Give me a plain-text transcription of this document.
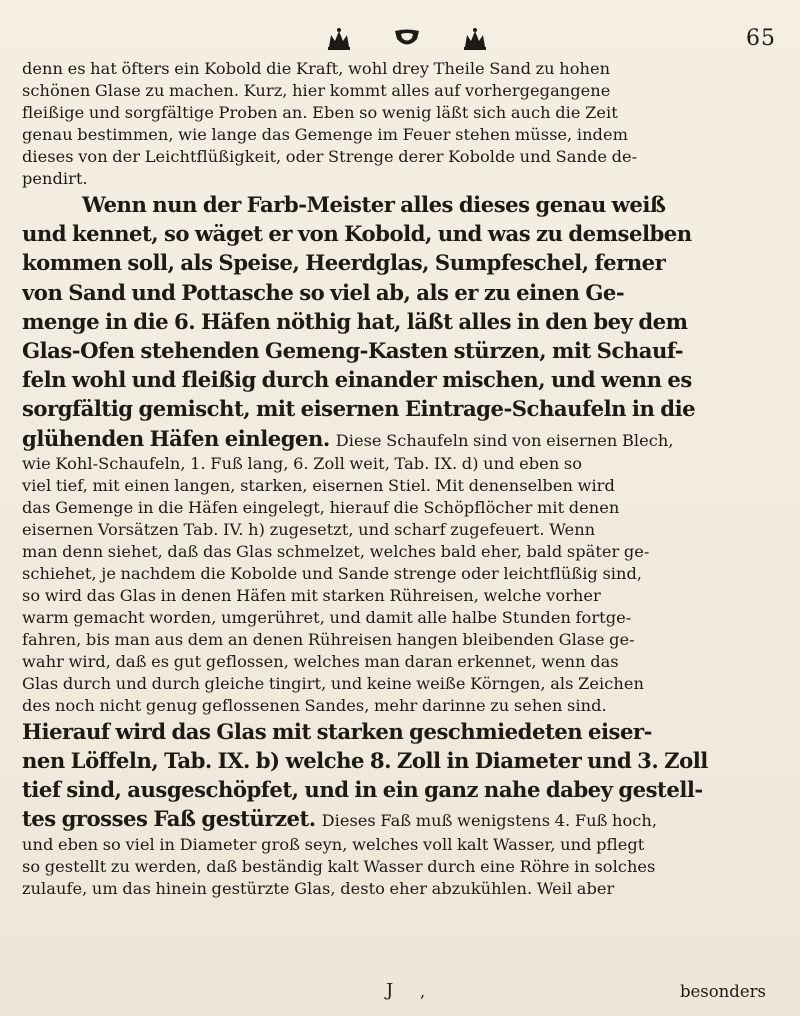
65

denn es hat öfters ein Kobold die Kraft, wohl drey Theile Sand zu hohen
schönen Glase zu machen. Kurz, hier kommt alles auf vorhergegangene
fleißige und sorgfältige Proben an. Eben so wenig läßt sich auch die Zeit
genau bestimmen, wie lange das Gemenge im Feuer stehen müsse, indem
dieses von der Leichtflüßigkeit, oder Strenge derer Kobolde und Sande de-
pendirt.

Wenn nun der Farb-Meister alles dieses genau weiß
und kennet, so wäget er von Kobold, und was zu demselben
kommen soll, als Speise, Heerdglas, Sumpfeschel, ferner
von Sand und Pottasche so viel ab, als er zu einen Ge-
menge in die 6. Häfen nöthig hat, läßt alles in den bey dem
Glas-Ofen stehenden Gemeng-Kasten stürzen, mit Schauf-
feln wohl und fleißig durch einander mischen, und wenn es
sorgfältig gemischt, mit eisernen Eintrage-Schaufeln in die
glühenden Häfen einlegen. Diese Schaufeln sind von eisernen Blech,

wie Kohl-Schaufeln, 1. Fuß lang, 6. Zoll weit, Tab. IX. d) und eben so
viel tief, mit einen langen, starken, eisernen Stiel. Mit denenselben wird
das Gemenge in die Häfen eingelegt, hierauf die Schöpflöcher mit denen
eisernen Vorsätzen Tab. IV. h) zugesetzt, und scharf zugefeuert. Wenn
man denn siehet, daß das Glas schmelzet, welches bald eher, bald später ge-
schiehet, je nachdem die Kobolde und Sande strenge oder leichtflüßig sind,
so wird das Glas in denen Häfen mit starken Rühreisen, welche vorher
warm gemacht worden, umgerühret, und damit alle halbe Stunden fortge-
fahren, bis man aus dem an denen Rühreisen hangen bleibenden Glase ge-
wahr wird, daß es gut geflossen, welches man daran erkennet, wenn das
Glas durch und durch gleiche tingirt, und keine weiße Körngen, als Zeichen
des noch nicht genug geflossenen Sandes, mehr darinne zu sehen sind.

Hierauf wird das Glas mit starken geschmiedeten eiser-
nen Löffeln, Tab. IX. b) welche 8. Zoll in Diameter und 3. Zoll
tief sind, ausgeschöpfet, und in ein ganz nahe dabey gestell-
tes grosses Faß gestürzet. Dieses Faß muß wenigstens 4. Fuß hoch,

und eben so viel in Diameter groß seyn, welches voll kalt Wasser, und pflegt
so gestellt zu werden, daß beständig kalt Wasser durch eine Röhre in solches
zulaufe, um das hinein gestürzte Glas, desto eher abzukühlen. Weil aber

J ,	besonders
